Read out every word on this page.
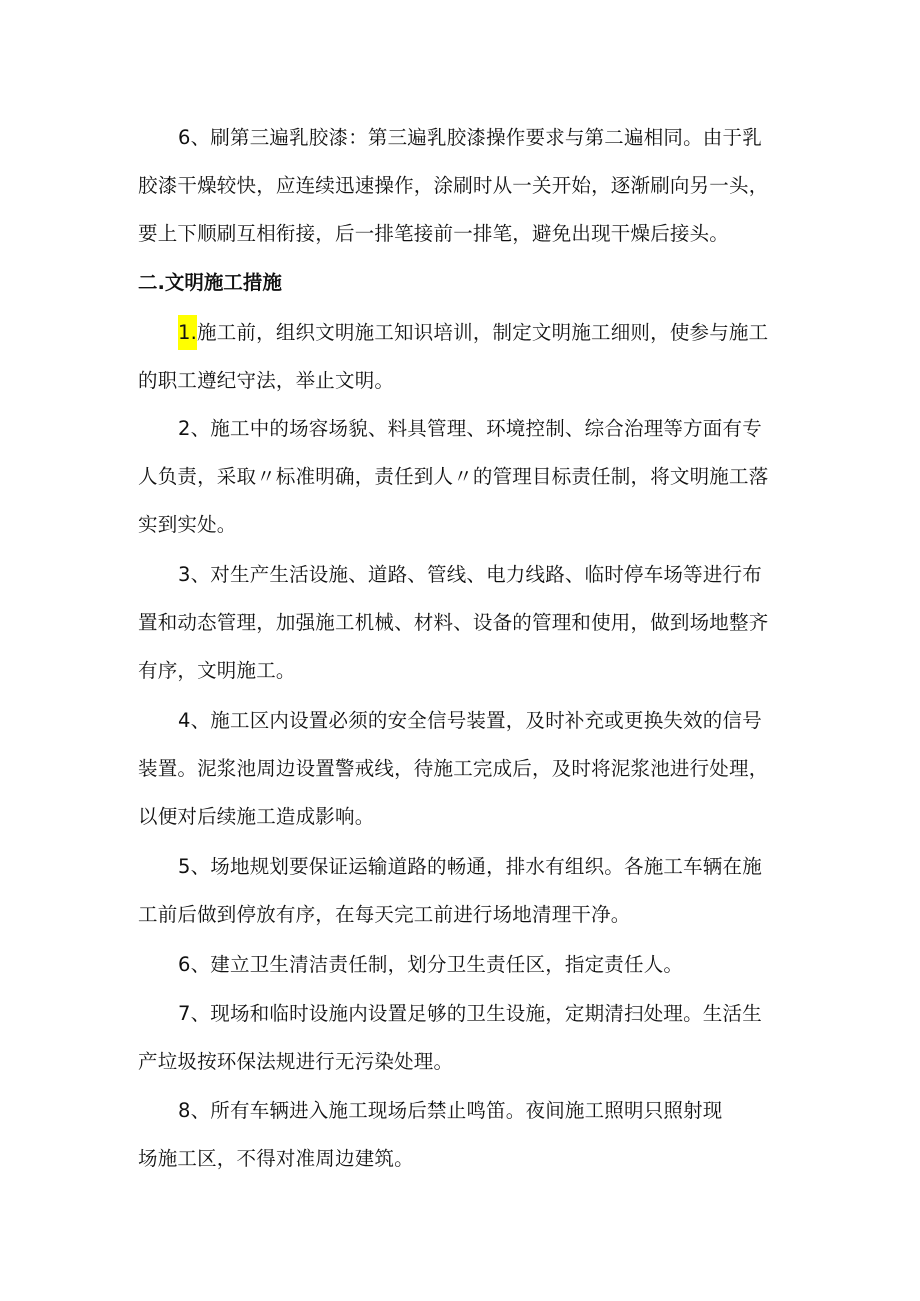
6、刷第三遍乳胶漆：第三遍乳胶漆操作要求与第二遍相同。由于乳
胶漆干燥较快，应连续迅速操作，涂刷时从一关开始，逐渐刷向另一头，
要上下顺刷互相衔接，后一排笔接前一排笔，避免出现干燥后接头。
二.文明施工措施
1.施工前，组织文明施工知识培训，制定文明施工细则，使参与施工
的职工遵纪守法，举止文明。
2、施工中的场容场貌、料具管理、环境控制、综合治理等方面有专
人负责，采取〃标准明确，责任到人〃的管理目标责任制，将文明施工落
实到实处。
3、对生产生活设施、道路、管线、电力线路、临时停车场等进行布
置和动态管理，加强施工机械、材料、设备的管理和使用，做到场地整齐
有序，文明施工。
4、施工区内设置必须的安全信号装置，及时补充或更换失效的信号
装置。泥浆池周边设置警戒线，待施工完成后，及时将泥浆池进行处理，
以便对后续施工造成影响。
5、场地规划要保证运输道路的畅通，排水有组织。各施工车辆在施
工前后做到停放有序，在每天完工前进行场地清理干净。
6、建立卫生清洁责任制，划分卫生责任区，指定责任人。
7、现场和临时设施内设置足够的卫生设施，定期清扫处理。生活生
产垃圾按环保法规进行无污染处理。
8、所有车辆进入施工现场后禁止鸣笛。夜间施工照明只照射现
场施工区，不得对准周边建筑。
